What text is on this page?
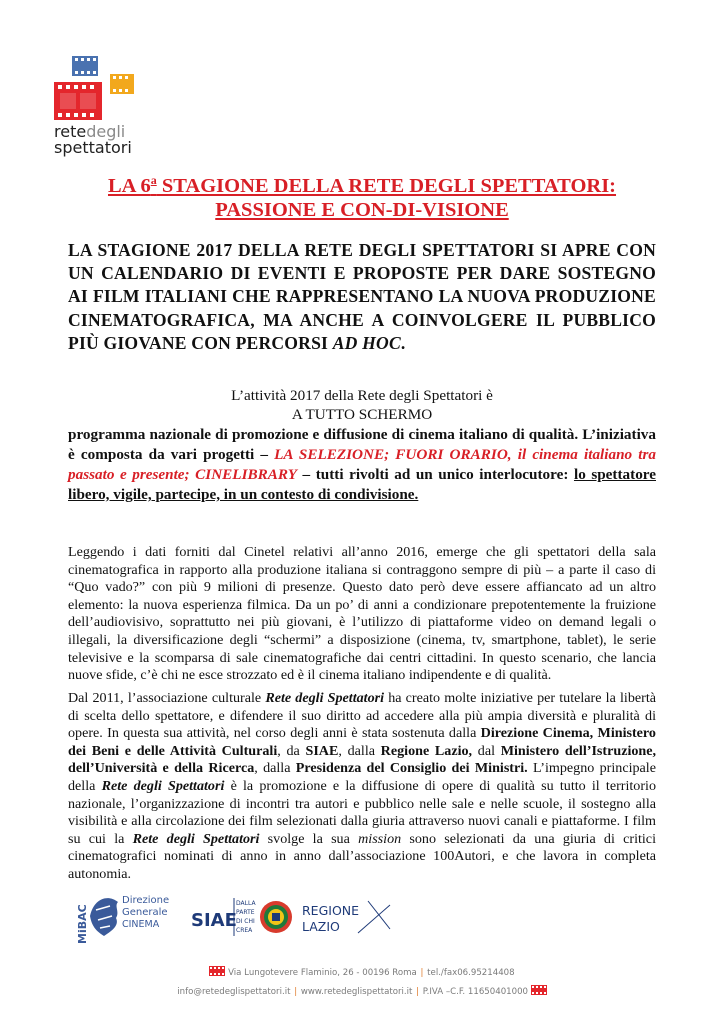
retedegli
spettatori
LA 6$^a$ STAGIONE DELLA RETE DEGLI SPETTATORI:
PASSIONE E CON-DI-VISIONE
LA STAGIONE 2017 DELLA RETE DEGLI SPETTATORI SI APRE CON UN CALENDARIO DI EVENTI E PROPOSTE PER DARE SOSTEGNO AI FILM ITALIANI CHE RAPPRESENTANO LA NUOVA PRODUZIONE CINEMATOGRAFICA, MA ANCHE A COINVOLGERE IL PUBBLICO PIÙ GIOVANE CON PERCORSI AD HOC.
L’attività 2017 della Rete degli Spettatori è
A TUTTO SCHERMO
programma nazionale di promozione e diffusione di cinema italiano di qualità. L’iniziativa è composta da vari progetti – LA SELEZIONE; FUORI ORARIO, il cinema italiano tra passato e presente; CINELIBRARY – tutti rivolti ad un unico interlocutore: lo spettatore libero, vigile, partecipe, in un contesto di condivisione.
Leggendo i dati forniti dal Cinetel relativi all’anno 2016, emerge che gli spettatori della sala cinematografica in rapporto alla produzione italiana si contraggono sempre di più – a parte il caso di “Quo vado?” con più 9 milioni di presenze. Questo dato però deve essere affiancato ad un altro elemento: la nuova esperienza filmica. Da un po’ di anni a condizionare prepotentemente la fruizione dell’audiovisivo, soprattutto nei più giovani, è l’utilizzo di piattaforme video on demand legali o illegali, la diversificazione degli “schermi” a disposizione (cinema, tv, smartphone, tablet), le serie televisive e la scomparsa di sale cinematografiche dai centri cittadini. In questo scenario, che lancia nuove sfide, c’è chi ne esce strozzato ed è il cinema italiano indipendente e di qualità.
Dal 2011, l’associazione culturale Rete degli Spettatori ha creato molte iniziative per tutelare la libertà di scelta dello spettatore, e difendere il suo diritto ad accedere alla più ampia diversità e pluralità di opere. In questa sua attività, nel corso degli anni è stata sostenuta dalla Direzione Cinema, Ministero dei Beni e delle Attività Culturali, da SIAE, dalla Regione Lazio, dal Ministero dell’Istruzione, dell’Università e della Ricerca, dalla Presidenza del Consiglio dei Ministri. L’impegno principale della Rete degli Spettatori è la promozione e la diffusione di opere di qualità su tutto il territorio nazionale, l’organizzazione di incontri tra autori e pubblico nelle sale e nelle scuole, il sostegno alla visibilità e alla circolazione dei film selezionati dalla giuria attraverso nuovi canali e piattaforme. I film su cui la Rete degli Spettatori svolge la sua mission sono selezionati da una giuria di critici cinematografici nominati di anno in anno dall’associazione 100Autori, e che lavora in completa autonomia.
MiBAC
Direzione
Generale
CINEMA SIAE
DALLA
PARTE
DI CHI
CREA
REGIONE
LAZIO
Via Lungotevere Flaminio, 26 - 00196 Roma | tel./fax06.95214408
info@retedeglispettatori.it | www.retedeglispettatori.it | P.IVA –C.F. 11650401000
